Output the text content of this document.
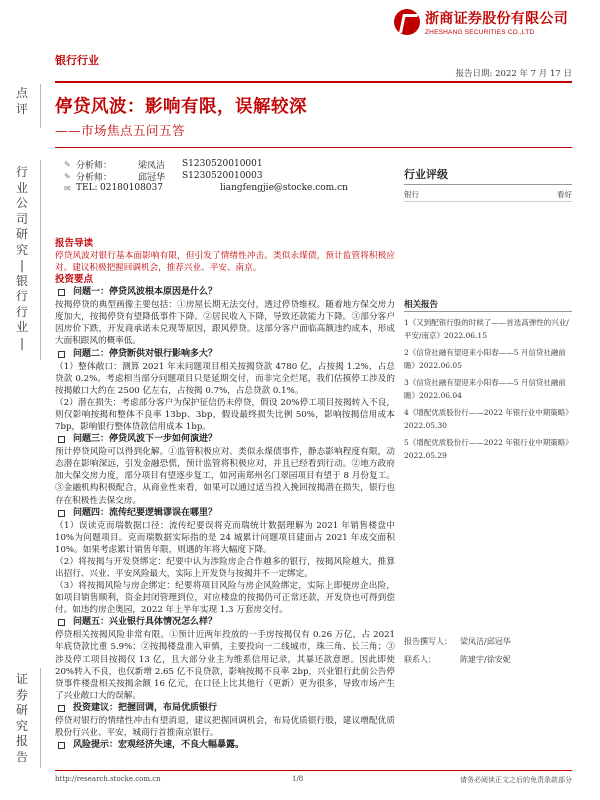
浙商证券股份有限公司
ZHESHANG SECURITIES CO.,LTD
银行行业
报告日期: 2022 年 7 月 17 日
点
评
行
业
公
司
研
究
|
银
行
行
业
|
证
券
研
究
报
告
停贷风波：影响有限，误解较深
——市场焦点五问五答
✎ 分析师：	梁凤洁	S1230520010001
✎ 分析师：	邱冠华	S1230520010003
✉ TEL: 02180108037	liangfengjie@stocke.com.cn
报告导读
停贷风波对银行基本面影响有限，但引发了情绪性冲击。类似永煤债，预计监管将积极应对。建议积极把握回调机会，推荐兴业、平安、南京。
投资要点
问题一：停贷风波根本原因是什么？
按揭停贷的典型画像主要包括：①房屋长期无法交付，透过停贷维权。随着地方保交房力度加大，按揭停贷有望降低事件下降。②居民收入下降，导致还款能力下降。③部分客户因房价下跌，开发商承诺未兑现等原因，跟风停贷。这部分客户面临高额违约成本，形成大面积跟风的概率低。
问题二：停贷断供对银行影响多大？
（1）整体敞口：测算 2021 年末问题项目相关按揭贷款 4780 亿，占按揭 1.2%，占总贷款 0.2%。考虑相当部分问题项目只是延期交付，而非完全烂尾，我们估摸停工涉及的按揭敞口大约在 2500 亿左右，占按揭 0.7%，占总贷款 0.1%。
（2）潜在损失：考虑部分客户为保护征信仍未停贷，假设 20%停工项目按揭转入不良，则仅影响按揭和整体不良率 13bp、3bp，假设最终损失比例 50%，影响按揭信用成本 7bp，影响银行整体贷款信用成本 1bp。
问题三：停贷风波下一步如何演进？
预计停贷风险可以得到化解。①监管积极应对。类似永煤债事件，静态影响程度有限，动态潜在影响深远，引发金融恐慌，预计监管将积极应对，并且已经看到行动。②地方政府加大保交房力度，部分项目有望逐步复工，如河南郑州名门翠园项目有望于 8 月份复工。③金融机构积极配合，从商业性来看，如果可以通过适当投入挽回按揭潜在损失，银行也存在积极性去保交房。
问题四：流传纪要逻辑谬误在哪里？
（1）误读克而瑞数据口径：流传纪要误将克而瑞统计数据理解为 2021 年销售楼盘中 10%为问题项目。克而瑞数据实际指的是 24 城累计问题项目建面占 2021 年成交面积 10%。如果考虑累计销售年限，则遇的年将大幅度下降。
（2）将按揭与开发贷绑定：纪要中认为涉险房企合作越多的银行，按揭风险越大，推算出招行、兴业、平安风险最大，实际上开发贷与按揭并不一定绑定。
（3）将按揭风险与房企绑定：纪要将项目风险与房企风险绑定，实际上即便房企出险，如项目销售顺利，资金封闭管理到位，对应楼盘的按揭仍可正常还款，开发贷也可得到偿付。如违约房企奥园，2022 年上半年实现 1.3 万套房交付。
问题五：兴业银行具体情况怎么样？
停贷相关按揭风险非常有限。①预计近两年投放的一手房按揭仅有 0.26 万亿，占 2021 年底贷款比重 5.9%；②按揭楼盘准入审慎，主要投向一二线城市，珠三角、长三角；③涉及停工项目按揭仅 13 亿，且大部分业主为维系信用记录，其暴还款意愿。因此即使 20%转入不良，也仅新增 2.65 亿不良贷款，影响按揭不良率 2bp，兴业银行此前公告停贷事件楼盘相关按揭余额 16 亿元，在口径上比其他行（更新）更为很多，导致市场产生了兴业敞口大的误解。
投资建议：把握回调，布局优质银行
停贷对银行的情绪性冲击有望消退，建议把握回调机会，布局优质银行股，建议增配优质股份行兴业、平安，城商行首推南京银行。
风险提示：宏观经济失速，不良大幅暴露。
行业评级
银行	看好
相关报告
1《又到配银行股的时候了——首选高弹性的兴业/平安/南京》2022.06.15
2《信贷社融有望迎来小阳春——5 月信贷社融前瞻》2022.06.05
3《信贷社融有望迎来小阳春——5 月信贷社融前瞻》2022.06.04
4《增配优质股份行——2022 年银行业中期策略》2022.05.30
5《增配优质股份行——2022 年银行业中期策略》2022.05.29
报告撰写人：	梁凤洁/邱冠华
联系人：	陈建宇/徐安妮
http://research.stocke.com.cn	1/8	请务必阅读正文之后的免责条款部分
